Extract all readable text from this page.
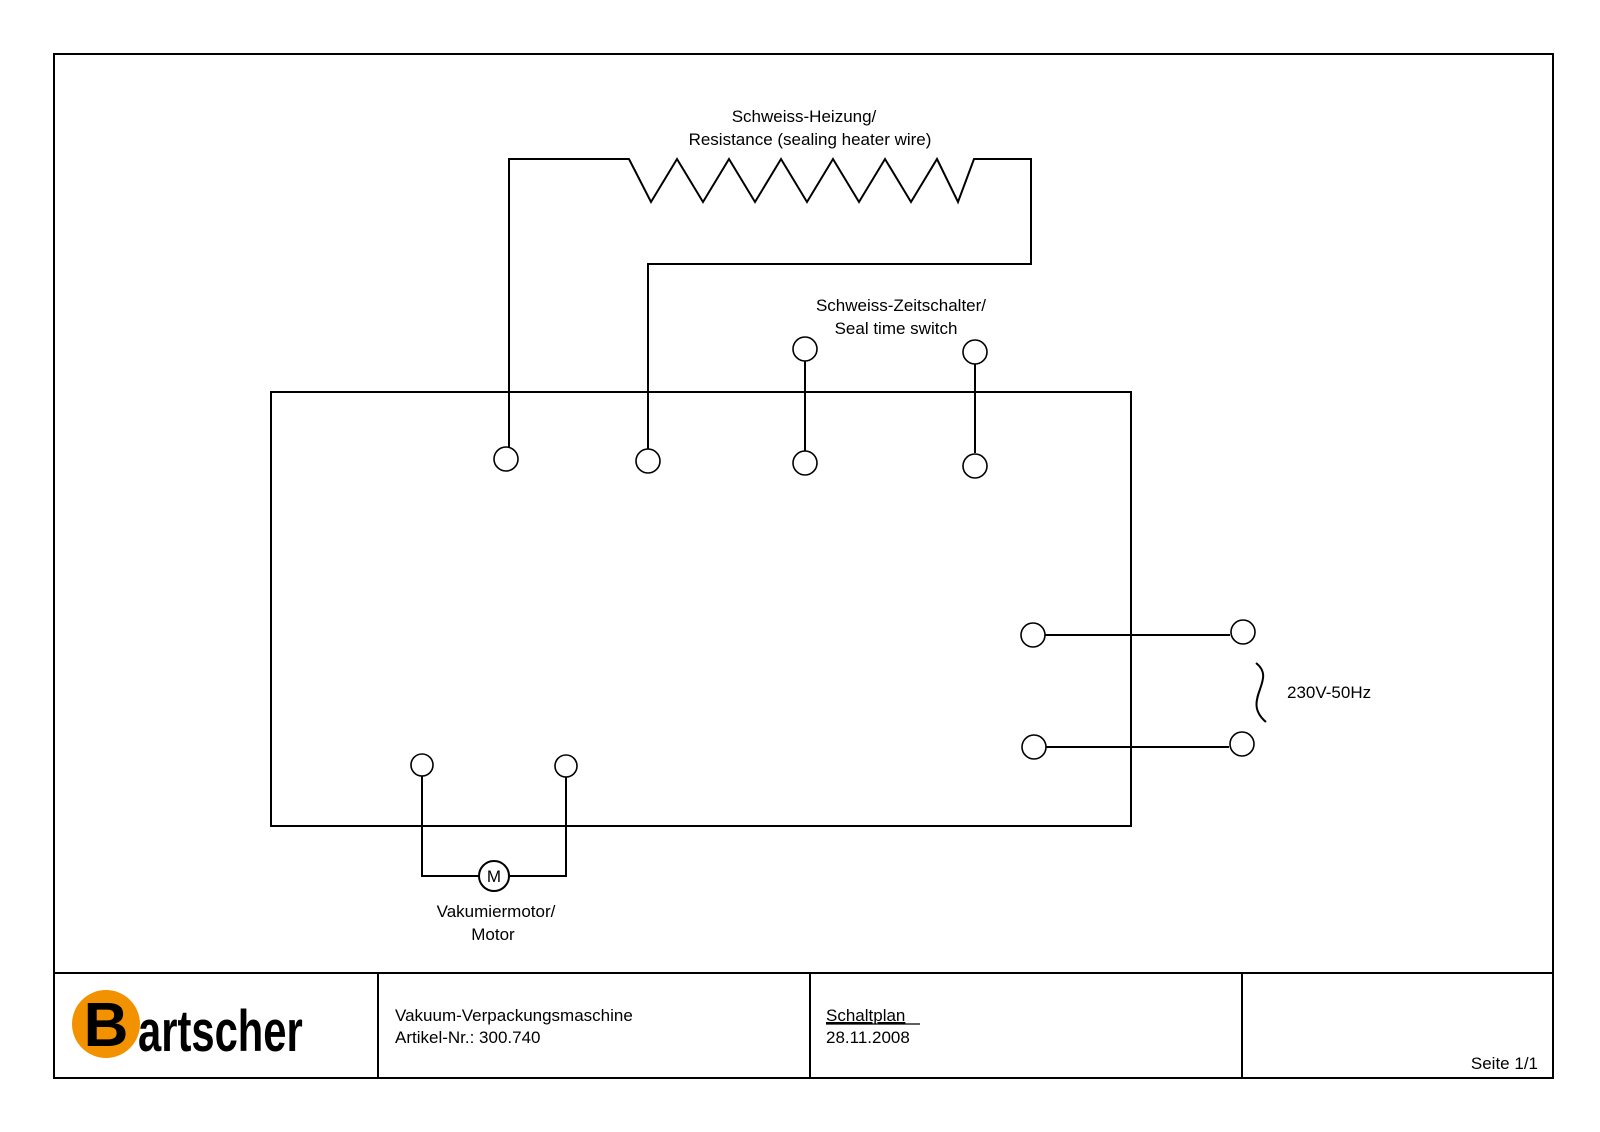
Schweiss-Heizung/
Resistance (sealing heater wire)
Schweiss-Zeitschalter/
Seal time switch
230V-50Hz
M
Vakumiermotor/
Motor
B artscher	Vakuum-Verpackungsmaschine
Artikel-Nr.: 300.740
Schaltplan
28.11.2008
Seite 1/1
